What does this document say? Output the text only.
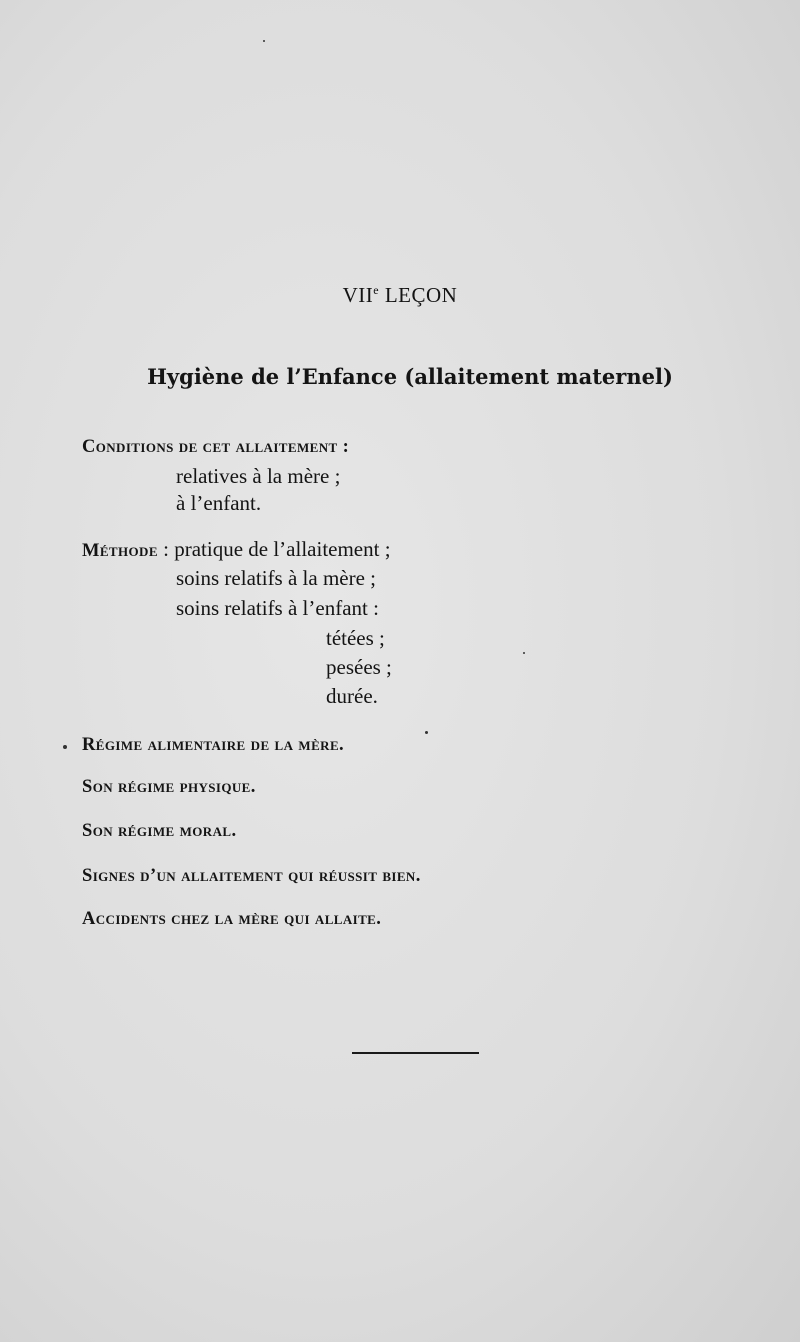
VIIe LEÇON
Hygiène de l’Enfance (allaitement maternel)
Conditions de cet allaitement :
relatives à la mère ;
à l’enfant.
Méthode : pratique de l’allaitement ;
soins relatifs à la mère ;
soins relatifs à l’enfant :
tétées ;
pesées ;
durée.
Régime alimentaire de la mère.
Son régime physique.
Son régime moral.
Signes d’un allaitement qui réussit bien.
Accidents chez la mère qui allaite.
